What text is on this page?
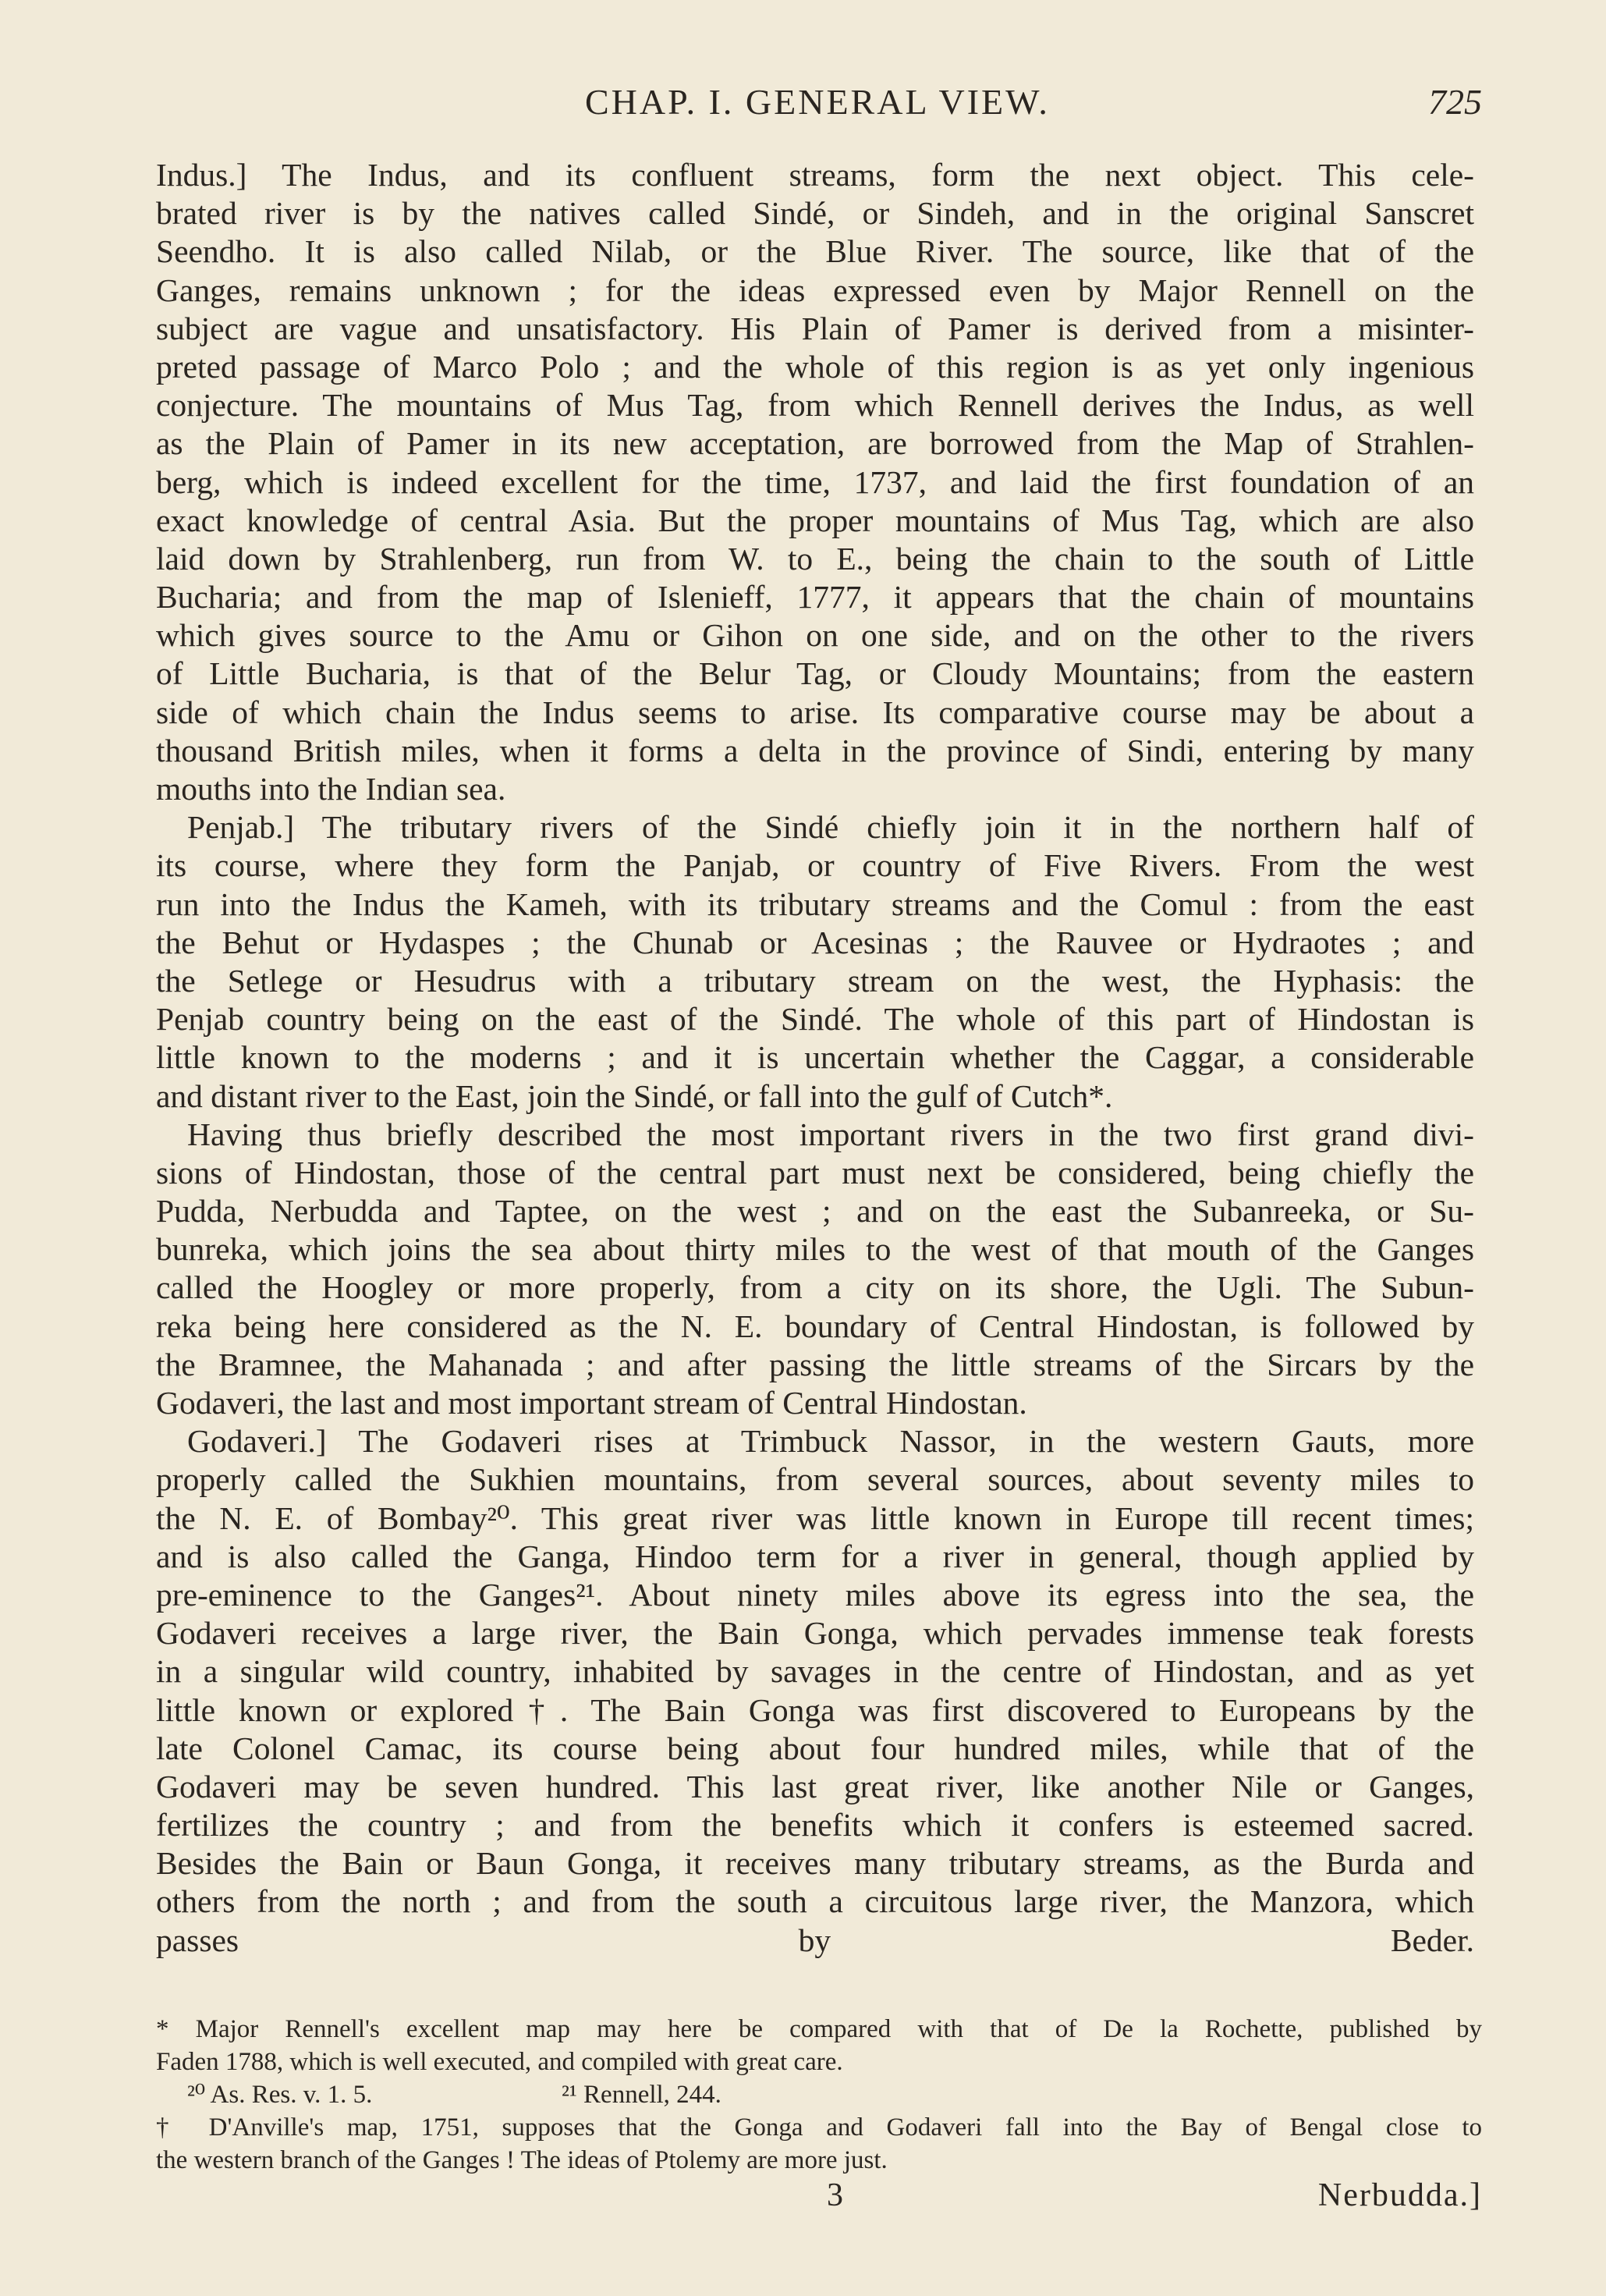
CHAP. I. GENERAL VIEW.	725
Indus.] The Indus, and its confluent streams, form the next object. This cele-
brated river is by the natives called Sindé, or Sindeh, and in the original Sanscret
Seendho. It is also called Nilab, or the Blue River. The source, like that of the
Ganges, remains unknown ; for the ideas expressed even by Major Rennell on the
subject are vague and unsatisfactory. His Plain of Pamer is derived from a misinter-
preted passage of Marco Polo ; and the whole of this region is as yet only ingenious
conjecture. The mountains of Mus Tag, from which Rennell derives the Indus, as well
as the Plain of Pamer in its new acceptation, are borrowed from the Map of Strahlen-
berg, which is indeed excellent for the time, 1737, and laid the first foundation of an
exact knowledge of central Asia. But the proper mountains of Mus Tag, which are also
laid down by Strahlenberg, run from W. to E., being the chain to the south of Little
Bucharia; and from the map of Islenieff, 1777, it appears that the chain of mountains
which gives source to the Amu or Gihon on one side, and on the other to the rivers
of Little Bucharia, is that of the Belur Tag, or Cloudy Mountains; from the eastern
side of which chain the Indus seems to arise. Its comparative course may be about a
thousand British miles, when it forms a delta in the province of Sindi, entering by many
mouths into the Indian sea.
Penjab.] The tributary rivers of the Sindé chiefly join it in the northern half of
its course, where they form the Panjab, or country of Five Rivers. From the west
run into the Indus the Kameh, with its tributary streams and the Comul : from the east
the Behut or Hydaspes ; the Chunab or Acesinas ; the Rauvee or Hydraotes ; and
the Setlege or Hesudrus with a tributary stream on the west, the Hyphasis: the
Penjab country being on the east of the Sindé. The whole of this part of Hindostan is
little known to the moderns ; and it is uncertain whether the Caggar, a considerable
and distant river to the East, join the Sindé, or fall into the gulf of Cutch*.
Having thus briefly described the most important rivers in the two first grand divi-
sions of Hindostan, those of the central part must next be considered, being chiefly the
Pudda, Nerbudda and Taptee, on the west ; and on the east the Subanreeka, or Su-
bunreka, which joins the sea about thirty miles to the west of that mouth of the Ganges
called the Hoogley or more properly, from a city on its shore, the Ugli. The Subun-
reka being here considered as the N. E. boundary of Central Hindostan, is followed by
the Bramnee, the Mahanada ; and after passing the little streams of the Sircars by the
Godaveri, the last and most important stream of Central Hindostan.
Godaveri.] The Godaveri rises at Trimbuck Nassor, in the western Gauts, more
properly called the Sukhien mountains, from several sources, about seventy miles to
the N. E. of Bombay²⁰. This great river was little known in Europe till recent times;
and is also called the Ganga, Hindoo term for a river in general, though applied by
pre-eminence to the Ganges²¹. About ninety miles above its egress into the sea, the
Godaveri receives a large river, the Bain Gonga, which pervades immense teak forests
in a singular wild country, inhabited by savages in the centre of Hindostan, and as yet
little known or explored†. The Bain Gonga was first discovered to Europeans by the
late Colonel Camac, its course being about four hundred miles, while that of the
Godaveri may be seven hundred. This last great river, like another Nile or Ganges,
fertilizes the country ; and from the benefits which it confers is esteemed sacred.
Besides the Bain or Baun Gonga, it receives many tributary streams, as the Burda and
others from the north ; and from the south a circuitous large river, the Manzora, which
passes by Beder.
* Major Rennell's excellent map may here be compared with that of De la Rochette, published by
Faden 1788, which is well executed, and compiled with great care.
²⁰ As. Res. v. 1. 5.	²¹ Rennell, 244.
† D'Anville's map, 1751, supposes that the Gonga and Godaveri fall into the Bay of Bengal close to
the western branch of the Ganges ! The ideas of Ptolemy are more just.
3	Nerbudda.]
